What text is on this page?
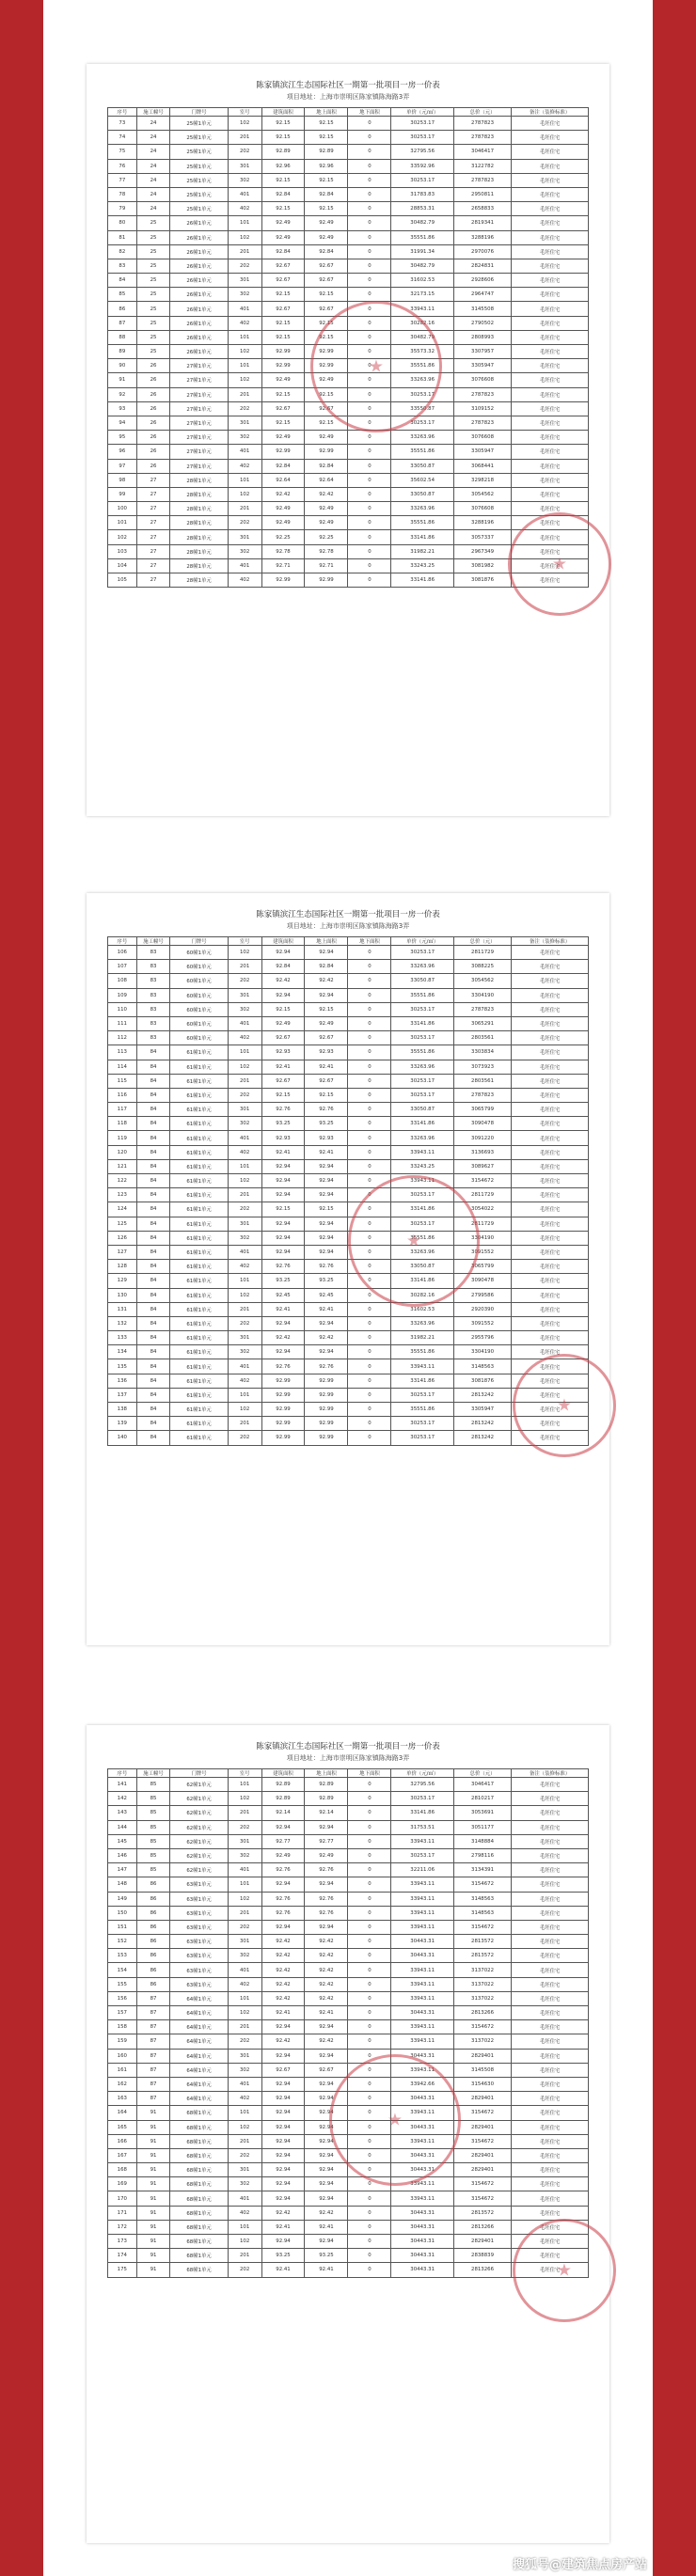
陈家镇滨江生态国际社区一期第一批项目一房一价表
项目地址：上海市崇明区陈家镇陈海路3弄
序号	施工幢号	门牌号	室号	建筑面积	地上面积	地下面积	单价（元/㎡）	总价（元）	备注（装修标准）
73	24	25幢1单元	102	92.15	92.15	0	30253.17	2787823	毛坯住宅
74	24	25幢1单元	201	92.15	92.15	0	30253.17	2787823	毛坯住宅
75	24	25幢1单元	202	92.89	92.89	0	32795.56	3046417	毛坯住宅
76	24	25幢1单元	301	92.96	92.96	0	33592.96	3122782	毛坯住宅
77	24	25幢1单元	302	92.15	92.15	0	30253.17	2787823	毛坯住宅
78	24	25幢1单元	401	92.84	92.84	0	31783.83	2950811	毛坯住宅
79	24	25幢1单元	402	92.15	92.15	0	28853.31	2658833	毛坯住宅
80	25	26幢1单元	101	92.49	92.49	0	30482.79	2819341	毛坯住宅
81	25	26幢1单元	102	92.49	92.49	0	35551.86	3288196	毛坯住宅
82	25	26幢1单元	201	92.84	92.84	0	31991.34	2970076	毛坯住宅
83	25	26幢1单元	202	92.67	92.67	0	30482.79	2824831	毛坯住宅
84	25	26幢1单元	301	92.67	92.67	0	31602.53	2928606	毛坯住宅
85	25	26幢1单元	302	92.15	92.15	0	32173.15	2964747	毛坯住宅
86	25	26幢1单元	401	92.67	92.67	0	33943.11	3145508	毛坯住宅
87	25	26幢1单元	402	92.15	92.15	0	30282.16	2790502	毛坯住宅
88	25	26幢1单元	101	92.15	92.15	0	30482.79	2808993	毛坯住宅
89	25	26幢1单元	102	92.99	92.99	0	35573.32	3307957	毛坯住宅
90	26	27幢1单元	101	92.99	92.99	0	35551.86	3305947	毛坯住宅
91	26	27幢1单元	102	92.49	92.49	0	33263.96	3076608	毛坯住宅
92	26	27幢1单元	201	92.15	92.15	0	30253.17	2787823	毛坯住宅
93	26	27幢1单元	202	92.67	92.67	0	33550.87	3109152	毛坯住宅
94	26	27幢1单元	301	92.15	92.15	0	30253.17	2787823	毛坯住宅
95	26	27幢1单元	302	92.49	92.49	0	33263.96	3076608	毛坯住宅
96	26	27幢1单元	401	92.99	92.99	0	35551.86	3305947	毛坯住宅
97	26	27幢1单元	402	92.84	92.84	0	33050.87	3068441	毛坯住宅
98	27	28幢1单元	101	92.64	92.64	0	35602.54	3298218	毛坯住宅
99	27	28幢1单元	102	92.42	92.42	0	33050.87	3054562	毛坯住宅
100	27	28幢1单元	201	92.49	92.49	0	33263.96	3076608	毛坯住宅
101	27	28幢1单元	202	92.49	92.49	0	35551.86	3288196	毛坯住宅
102	27	28幢1单元	301	92.25	92.25	0	33141.86	3057337	毛坯住宅
103	27	28幢1单元	302	92.78	92.78	0	31982.21	2967349	毛坯住宅
104	27	28幢1单元	401	92.71	92.71	0	33243.25	3081982	毛坯住宅
105	27	28幢1单元	402	92.99	92.99	0	33141.86	3081876	毛坯住宅
陈家镇滨江生态国际社区一期第一批项目一房一价表
项目地址：上海市崇明区陈家镇陈海路3弄
序号	施工幢号	门牌号	室号	建筑面积	地上面积	地下面积	单价（元/㎡）	总价（元）	备注（装修标准）
106	83	60幢1单元	102	92.94	92.94	0	30253.17	2811729	毛坯住宅
107	83	60幢1单元	201	92.84	92.84	0	33263.96	3088225	毛坯住宅
108	83	60幢1单元	202	92.42	92.42	0	33050.87	3054562	毛坯住宅
109	83	60幢1单元	301	92.94	92.94	0	35551.86	3304190	毛坯住宅
110	83	60幢1单元	302	92.15	92.15	0	30253.17	2787823	毛坯住宅
111	83	60幢1单元	401	92.49	92.49	0	33141.86	3065291	毛坯住宅
112	83	60幢1单元	402	92.67	92.67	0	30253.17	2803561	毛坯住宅
113	84	61幢1单元	101	92.93	92.93	0	35551.86	3303834	毛坯住宅
114	84	61幢1单元	102	92.41	92.41	0	33263.96	3073923	毛坯住宅
115	84	61幢1单元	201	92.67	92.67	0	30253.17	2803561	毛坯住宅
116	84	61幢1单元	202	92.15	92.15	0	30253.17	2787823	毛坯住宅
117	84	61幢1单元	301	92.76	92.76	0	33050.87	3065799	毛坯住宅
118	84	61幢1单元	302	93.25	93.25	0	33141.86	3090478	毛坯住宅
119	84	61幢1单元	401	92.93	92.93	0	33263.96	3091220	毛坯住宅
120	84	61幢1单元	402	92.41	92.41	0	33943.11	3136693	毛坯住宅
121	84	61幢1单元	101	92.94	92.94	0	33243.25	3089627	毛坯住宅
122	84	61幢1单元	102	92.94	92.94	0	33943.11	3154672	毛坯住宅
123	84	61幢1单元	201	92.94	92.94	0	30253.17	2811729	毛坯住宅
124	84	61幢1单元	202	92.15	92.15	0	33141.86	3054022	毛坯住宅
125	84	61幢1单元	301	92.94	92.94	0	30253.17	2811729	毛坯住宅
126	84	61幢1单元	302	92.94	92.94	0	35551.86	3304190	毛坯住宅
127	84	61幢1单元	401	92.94	92.94	0	33263.96	3091552	毛坯住宅
128	84	61幢1单元	402	92.76	92.76	0	33050.87	3065799	毛坯住宅
129	84	61幢1单元	101	93.25	93.25	0	33141.86	3090478	毛坯住宅
130	84	61幢1单元	102	92.45	92.45	0	30282.16	2799586	毛坯住宅
131	84	61幢1单元	201	92.41	92.41	0	31602.53	2920390	毛坯住宅
132	84	61幢1单元	202	92.94	92.94	0	33263.96	3091552	毛坯住宅
133	84	61幢1单元	301	92.42	92.42	0	31982.21	2955796	毛坯住宅
134	84	61幢1单元	302	92.94	92.94	0	35551.86	3304190	毛坯住宅
135	84	61幢1单元	401	92.76	92.76	0	33943.11	3148563	毛坯住宅
136	84	61幢1单元	402	92.99	92.99	0	33141.86	3081876	毛坯住宅
137	84	61幢1单元	101	92.99	92.99	0	30253.17	2813242	毛坯住宅
138	84	61幢1单元	102	92.99	92.99	0	35551.86	3305947	毛坯住宅
139	84	61幢1单元	201	92.99	92.99	0	30253.17	2813242	毛坯住宅
140	84	61幢1单元	202	92.99	92.99	0	30253.17	2813242	毛坯住宅
陈家镇滨江生态国际社区一期第一批项目一房一价表
项目地址：上海市崇明区陈家镇陈海路3弄
序号	施工幢号	门牌号	室号	建筑面积	地上面积	地下面积	单价（元/㎡）	总价（元）	备注（装修标准）
141	85	62幢1单元	101	92.89	92.89	0	32795.56	3046417	毛坯住宅
142	85	62幢1单元	102	92.89	92.89	0	30253.17	2810217	毛坯住宅
143	85	62幢1单元	201	92.14	92.14	0	33141.86	3053691	毛坯住宅
144	85	62幢1单元	202	92.94	92.94	0	31753.51	3051177	毛坯住宅
145	85	62幢1单元	301	92.77	92.77	0	33943.11	3148884	毛坯住宅
146	85	62幢1单元	302	92.49	92.49	0	30253.17	2798116	毛坯住宅
147	85	62幢1单元	401	92.76	92.76	0	32211.06	3134391	毛坯住宅
148	86	63幢1单元	101	92.94	92.94	0	33943.11	3154672	毛坯住宅
149	86	63幢1单元	102	92.76	92.76	0	33943.11	3148563	毛坯住宅
150	86	63幢1单元	201	92.76	92.76	0	33943.11	3148563	毛坯住宅
151	86	63幢1单元	202	92.94	92.94	0	33943.11	3154672	毛坯住宅
152	86	63幢1单元	301	92.42	92.42	0	30443.31	2813572	毛坯住宅
153	86	63幢1单元	302	92.42	92.42	0	30443.31	2813572	毛坯住宅
154	86	63幢1单元	401	92.42	92.42	0	33943.11	3137022	毛坯住宅
155	86	63幢1单元	402	92.42	92.42	0	33943.11	3137022	毛坯住宅
156	87	64幢1单元	101	92.42	92.42	0	33943.11	3137022	毛坯住宅
157	87	64幢1单元	102	92.41	92.41	0	30443.31	2813266	毛坯住宅
158	87	64幢1单元	201	92.94	92.94	0	33943.11	3154672	毛坯住宅
159	87	64幢1单元	202	92.42	92.42	0	33943.11	3137022	毛坯住宅
160	87	64幢1单元	301	92.94	92.94	0	30443.31	2829401	毛坯住宅
161	87	64幢1单元	302	92.67	92.67	0	33943.11	3145508	毛坯住宅
162	87	64幢1单元	401	92.94	92.94	0	33942.66	3154630	毛坯住宅
163	87	64幢1单元	402	92.94	92.94	0	30443.31	2829401	毛坯住宅
164	91	68幢1单元	101	92.94	92.94	0	33943.11	3154672	毛坯住宅
165	91	68幢1单元	102	92.94	92.94	0	30443.31	2829401	毛坯住宅
166	91	68幢1单元	201	92.94	92.94	0	33943.11	3154672	毛坯住宅
167	91	68幢1单元	202	92.94	92.94	0	30443.31	2829401	毛坯住宅
168	91	68幢1单元	301	92.94	92.94	0	30443.31	2829401	毛坯住宅
169	91	68幢1单元	302	92.94	92.94	0	33943.11	3154672	毛坯住宅
170	91	68幢1单元	401	92.94	92.94	0	33943.11	3154672	毛坯住宅
171	91	68幢1单元	402	92.42	92.42	0	30443.31	2813572	毛坯住宅
172	91	68幢1单元	101	92.41	92.41	0	30443.31	2813266	毛坯住宅
173	91	68幢1单元	102	92.94	92.94	0	30443.31	2829401	毛坯住宅
174	91	68幢1单元	201	93.25	93.25	0	30443.31	2838839	毛坯住宅
175	91	68幢1单元	202	92.41	92.41	0	30443.31	2813266	毛坯住宅
★
★
★
★
★
★
搜狐号@建筑焦点房产站
